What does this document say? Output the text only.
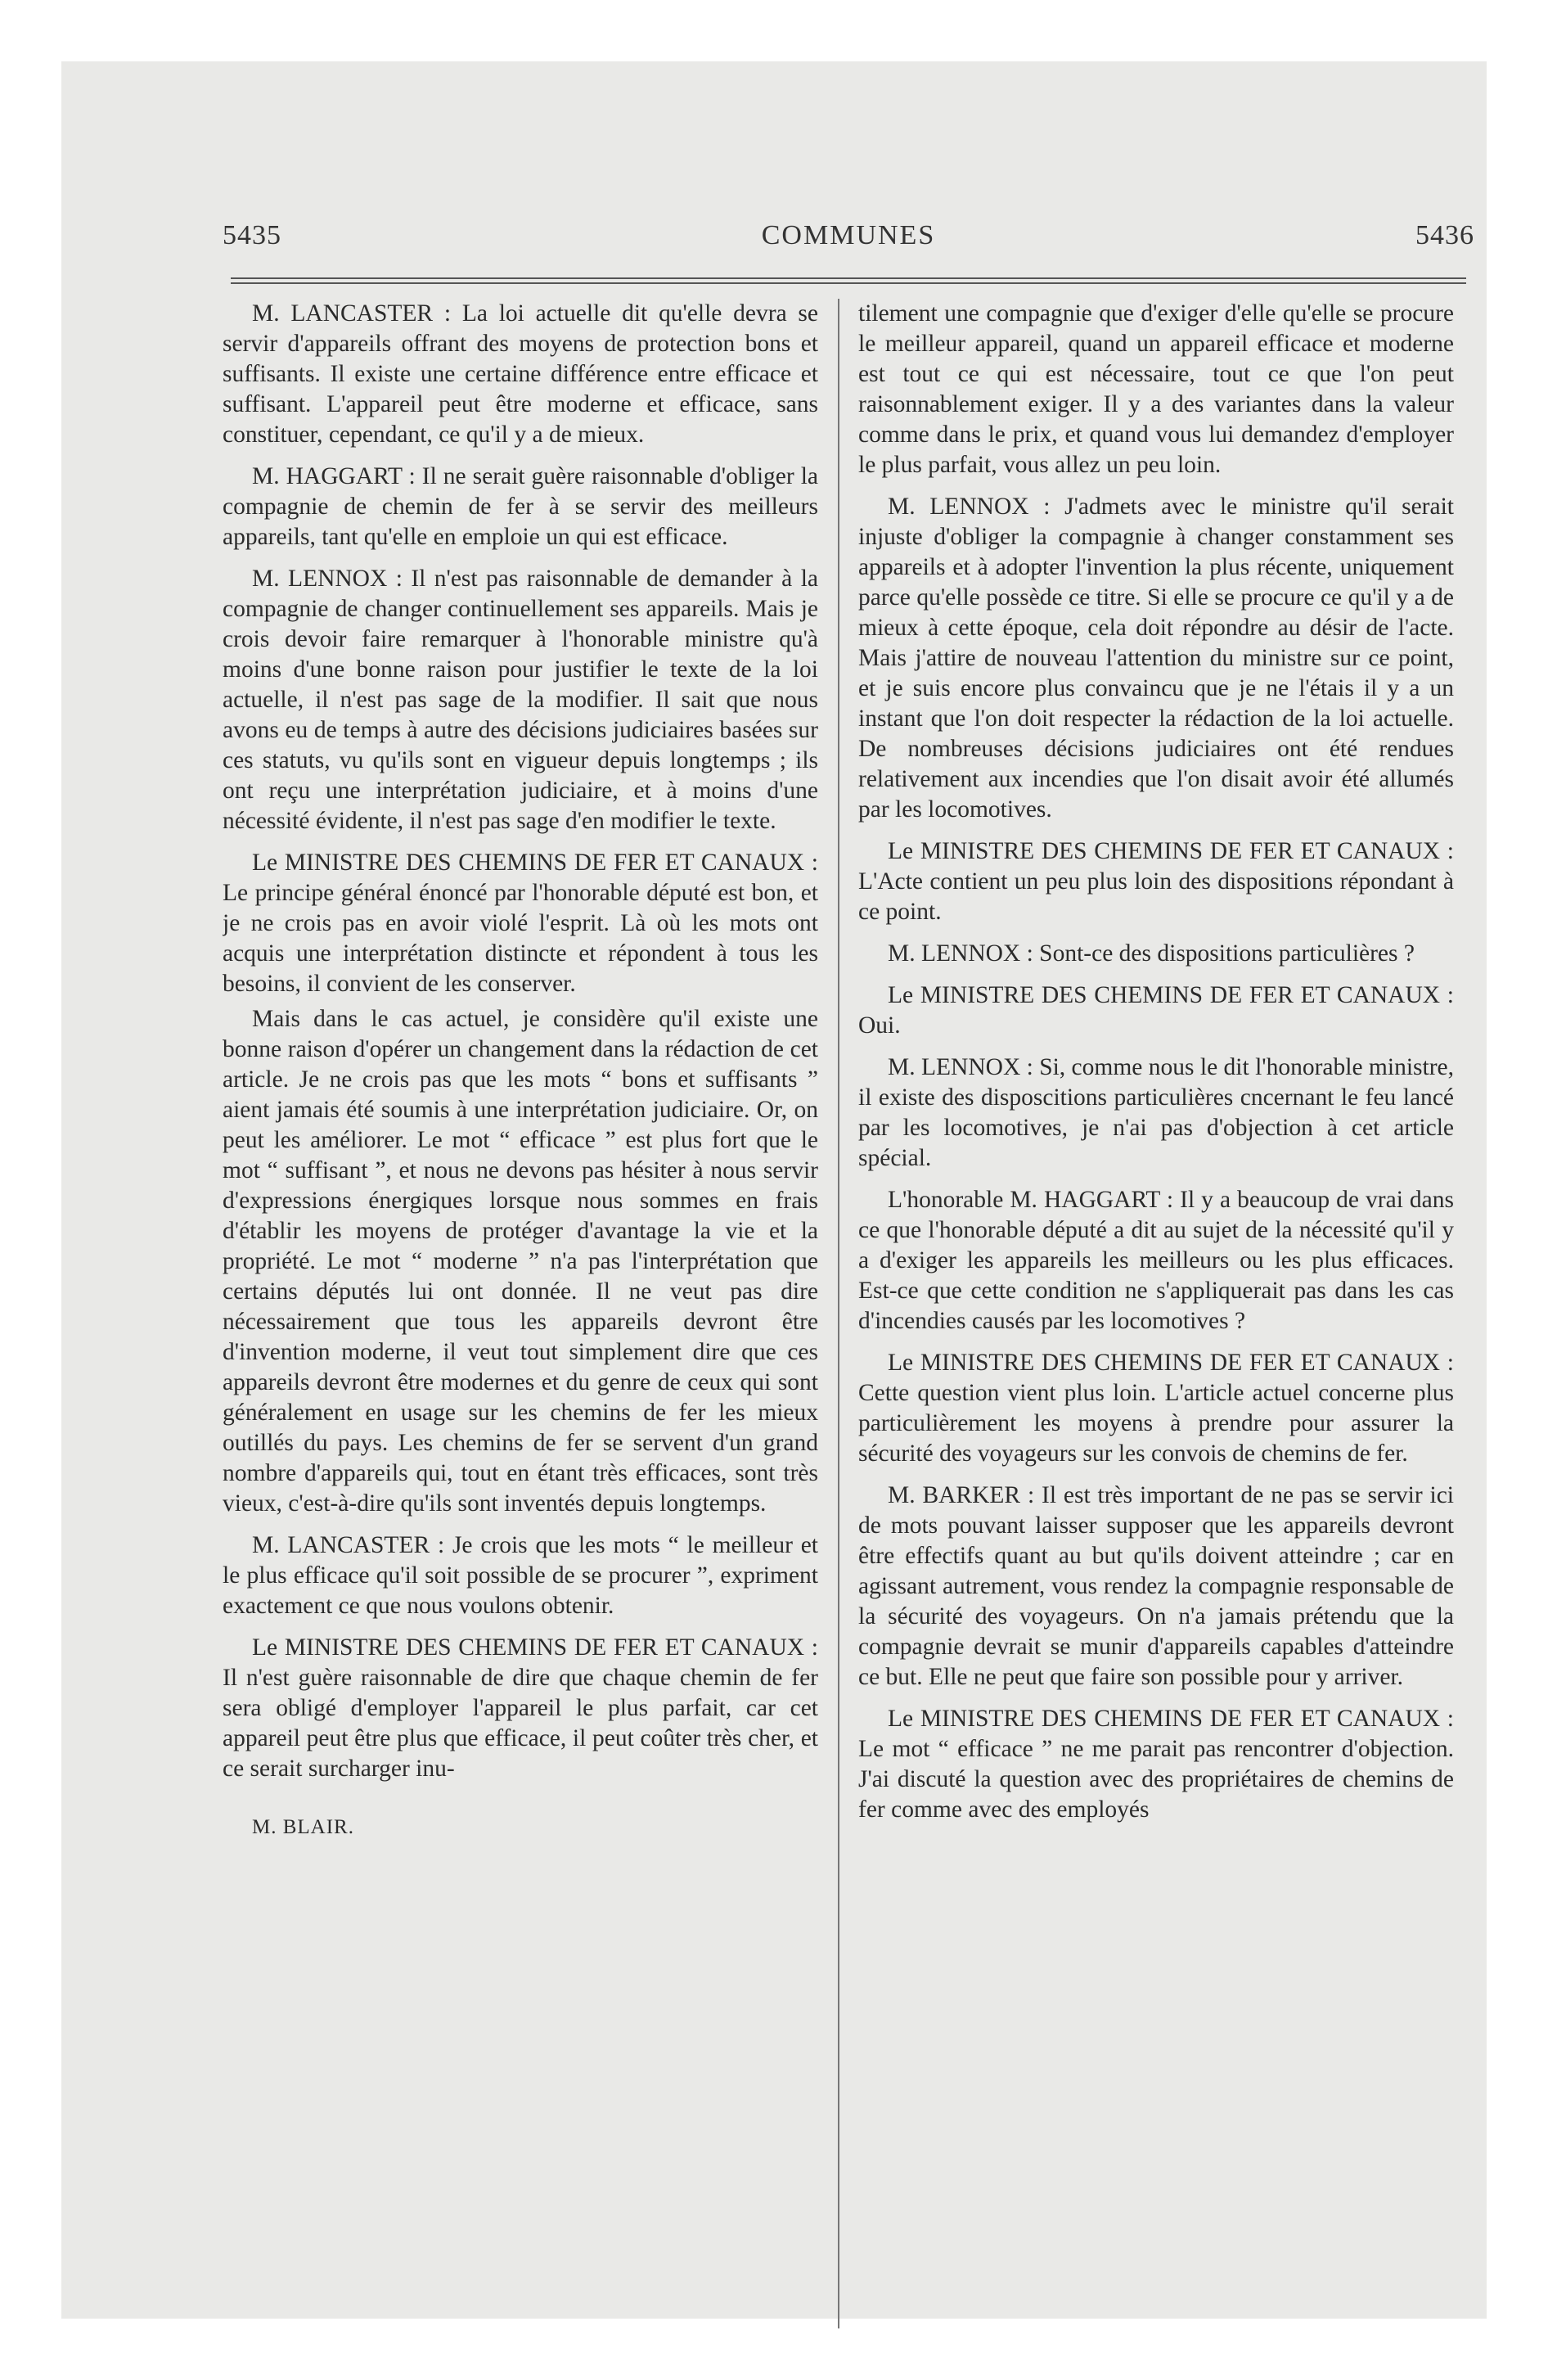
5435	COMMUNES	5436

M. LANCASTER : La loi actuelle dit qu'elle devra se servir d'appareils offrant des moyens de protection bons et suffisants. Il existe une certaine différence entre efficace et suffisant. L'appareil peut être moderne et efficace, sans constituer, cependant, ce qu'il y a de mieux.

M. HAGGART : Il ne serait guère raisonnable d'obliger la compagnie de chemin de fer à se servir des meilleurs appareils, tant qu'elle en emploie un qui est efficace.

M. LENNOX : Il n'est pas raisonnable de demander à la compagnie de changer continuellement ses appareils. Mais je crois devoir faire remarquer à l'honorable ministre qu'à moins d'une bonne raison pour justifier le texte de la loi actuelle, il n'est pas sage de la modifier. Il sait que nous avons eu de temps à autre des décisions judiciaires basées sur ces statuts, vu qu'ils sont en vigueur depuis longtemps ; ils ont reçu une interprétation judiciaire, et à moins d'une nécessité évidente, il n'est pas sage d'en modifier le texte.

Le MINISTRE DES CHEMINS DE FER ET CANAUX : Le principe général énoncé par l'honorable député est bon, et je ne crois pas en avoir violé l'esprit. Là où les mots ont acquis une interprétation distincte et répondent à tous les besoins, il convient de les conserver.

Mais dans le cas actuel, je considère qu'il existe une bonne raison d'opérer un changement dans la rédaction de cet article. Je ne crois pas que les mots “ bons et suffisants ” aient jamais été soumis à une interprétation judiciaire. Or, on peut les améliorer. Le mot “ efficace ” est plus fort que le mot “ suffisant ”, et nous ne devons pas hésiter à nous servir d'expressions énergiques lorsque nous sommes en frais d'établir les moyens de protéger d'avantage la vie et la propriété. Le mot “ moderne ” n'a pas l'interprétation que certains députés lui ont donnée. Il ne veut pas dire nécessairement que tous les appareils devront être d'invention moderne, il veut tout simplement dire que ces appareils devront être modernes et du genre de ceux qui sont généralement en usage sur les chemins de fer les mieux outillés du pays. Les chemins de fer se servent d'un grand nombre d'appareils qui, tout en étant très efficaces, sont très vieux, c'est-à-dire qu'ils sont inventés depuis longtemps.

M. LANCASTER : Je crois que les mots “ le meilleur et le plus efficace qu'il soit possible de se procurer ”, expriment exactement ce que nous voulons obtenir.

Le MINISTRE DES CHEMINS DE FER ET CANAUX : Il n'est guère raisonnable de dire que chaque chemin de fer sera obligé d'employer l'appareil le plus parfait, car cet appareil peut être plus que efficace, il peut coûter très cher, et ce serait surcharger inu-

M. BLAIR.

tilement une compagnie que d'exiger d'elle qu'elle se procure le meilleur appareil, quand un appareil efficace et moderne est tout ce qui est nécessaire, tout ce que l'on peut raisonnablement exiger. Il y a des variantes dans la valeur comme dans le prix, et quand vous lui demandez d'employer le plus parfait, vous allez un peu loin.

M. LENNOX : J'admets avec le ministre qu'il serait injuste d'obliger la compagnie à changer constamment ses appareils et à adopter l'invention la plus récente, uniquement parce qu'elle possède ce titre. Si elle se procure ce qu'il y a de mieux à cette époque, cela doit répondre au désir de l'acte. Mais j'attire de nouveau l'attention du ministre sur ce point, et je suis encore plus convaincu que je ne l'étais il y a un instant que l'on doit respecter la rédaction de la loi actuelle. De nombreuses décisions judiciaires ont été rendues relativement aux incendies que l'on disait avoir été allumés par les locomotives.

Le MINISTRE DES CHEMINS DE FER ET CANAUX : L'Acte contient un peu plus loin des dispositions répondant à ce point.

M. LENNOX : Sont-ce des dispositions particulières ?

Le MINISTRE DES CHEMINS DE FER ET CANAUX : Oui.

M. LENNOX : Si, comme nous le dit l'honorable ministre, il existe des disposcitions particulières cncernant le feu lancé par les locomotives, je n'ai pas d'objection à cet article spécial.

L'honorable M. HAGGART : Il y a beaucoup de vrai dans ce que l'honorable député a dit au sujet de la nécessité qu'il y a d'exiger les appareils les meilleurs ou les plus efficaces. Est-ce que cette condition ne s'appliquerait pas dans les cas d'incendies causés par les locomotives ?

Le MINISTRE DES CHEMINS DE FER ET CANAUX : Cette question vient plus loin. L'article actuel concerne plus particulièrement les moyens à prendre pour assurer la sécurité des voyageurs sur les convois de chemins de fer.

M. BARKER : Il est très important de ne pas se servir ici de mots pouvant laisser supposer que les appareils devront être effectifs quant au but qu'ils doivent atteindre ; car en agissant autrement, vous rendez la compagnie responsable de la sécurité des voyageurs. On n'a jamais prétendu que la compagnie devrait se munir d'appareils capables d'atteindre ce but. Elle ne peut que faire son possible pour y arriver.

Le MINISTRE DES CHEMINS DE FER ET CANAUX : Le mot “ efficace ” ne me parait pas rencontrer d'objection. J'ai discuté la question avec des propriétaires de chemins de fer comme avec des employés
